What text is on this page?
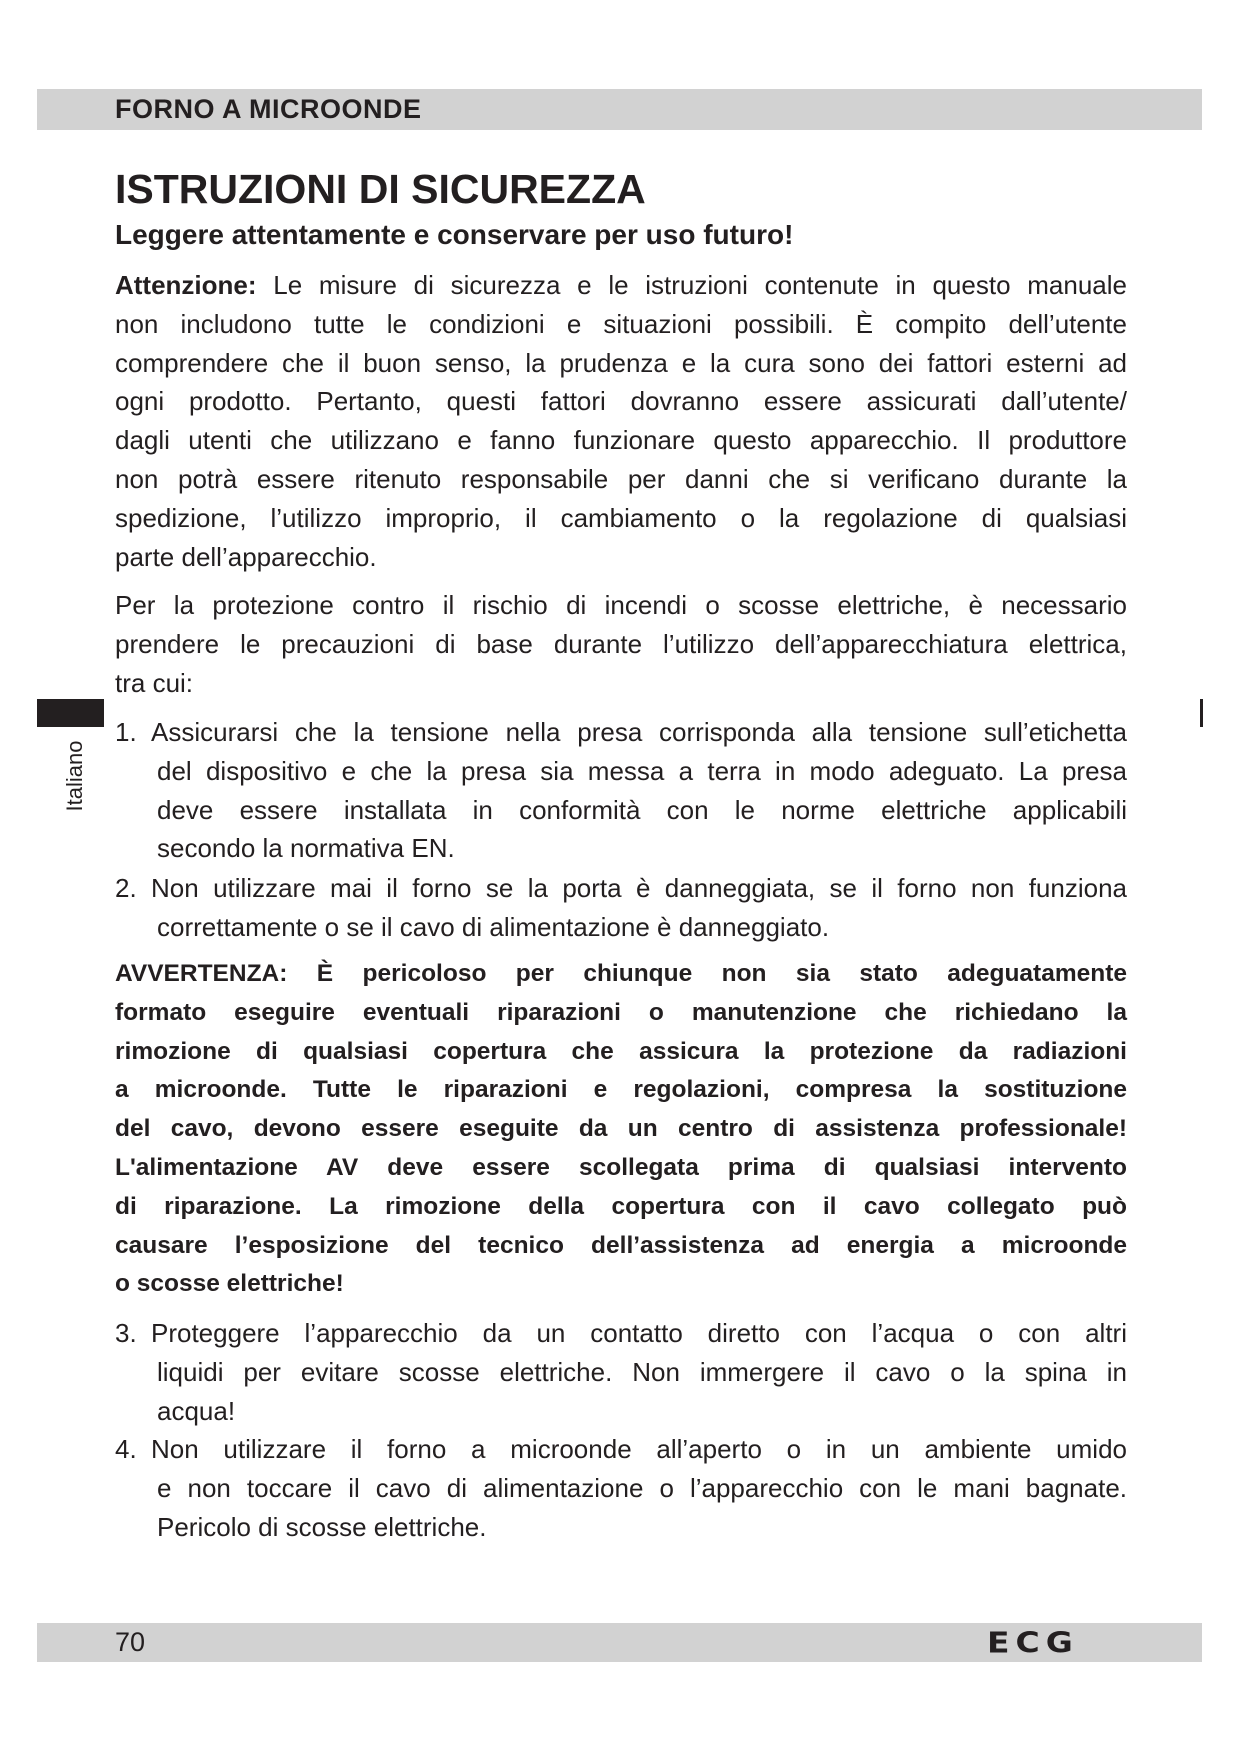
FORNO A MICROONDE
ISTRUZIONI DI SICUREZZA
Leggere attentamente e conservare per uso futuro!
Attenzione: Le misure di sicurezza e le istruzioni contenute in questo manuale
non includono tutte le condizioni e situazioni possibili. È compito dell’utente
comprendere che il buon senso, la prudenza e la cura sono dei fattori esterni ad
ogni prodotto. Pertanto, questi fattori dovranno essere assicurati dall’utente/
dagli utenti che utilizzano e fanno funzionare questo apparecchio. Il produttore
non potrà essere ritenuto responsabile per danni che si verificano durante la
spedizione, l’utilizzo improprio, il cambiamento o la regolazione di qualsiasi
parte dell’apparecchio.
Per la protezione contro il rischio di incendi o scosse elettriche, è necessario
prendere le precauzioni di base durante l’utilizzo dell’apparecchiatura elettrica,
tra cui:
1. Assicurarsi che la tensione nella presa corrisponda alla tensione sull’etichetta
del dispositivo e che la presa sia messa a terra in modo adeguato. La presa
deve essere installata in conformità con le norme elettriche applicabili
secondo la normativa EN.
2. Non utilizzare mai il forno se la porta è danneggiata, se il forno non funziona
correttamente o se il cavo di alimentazione è danneggiato.
3. Proteggere l’apparecchio da un contatto diretto con l’acqua o con altri
liquidi per evitare scosse elettriche. Non immergere il cavo o la spina in
acqua!
4. Non utilizzare il forno a microonde all’aperto o in un ambiente umido
e non toccare il cavo di alimentazione o l’apparecchio con le mani bagnate.
Pericolo di scosse elettriche.
AVVERTENZA: È pericoloso per chiunque non sia stato adeguatamente
formato eseguire eventuali riparazioni o manutenzione che richiedano la
rimozione di qualsiasi copertura che assicura la protezione da radiazioni
a microonde. Tutte le riparazioni e regolazioni, compresa la sostituzione
del cavo, devono essere eseguite da un centro di assistenza professionale!
L'alimentazione AV deve essere scollegata prima di qualsiasi intervento
di riparazione. La rimozione della copertura con il cavo collegato può
causare l’esposizione del tecnico dell’assistenza ad energia a microonde
o scosse elettriche!
Italiano
70	ECG
